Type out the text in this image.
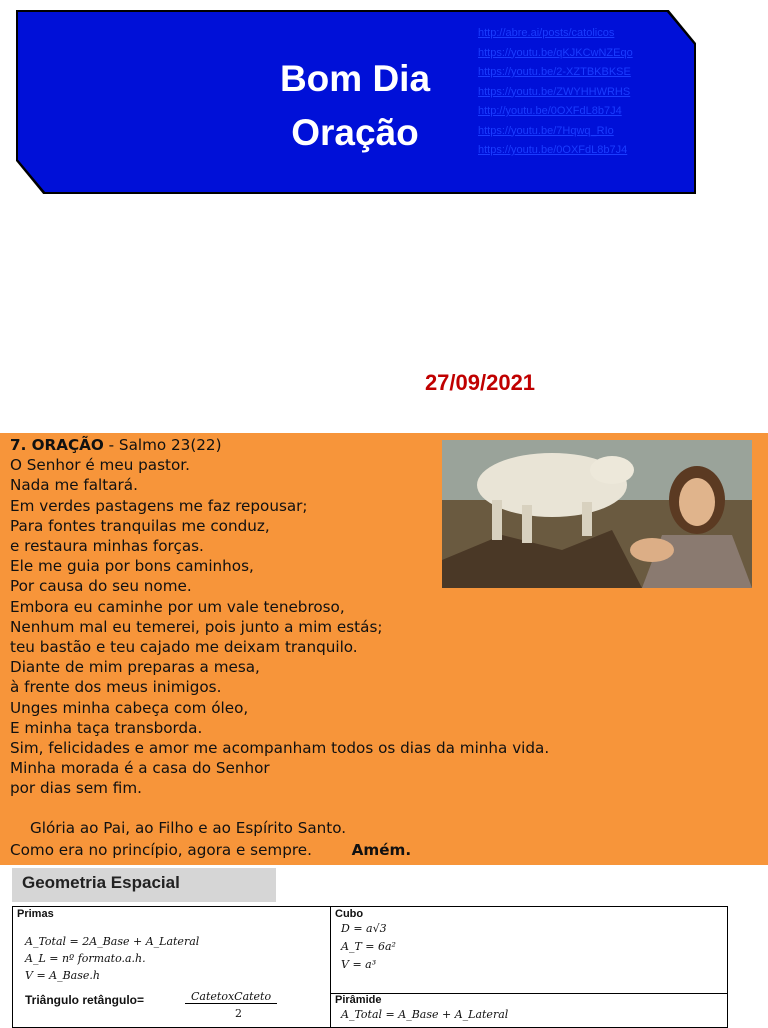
Bom Dia
Oração
http://abre.ai/posts/catolicos
https://youtu.be/qKJKCwNZEqo
https://youtu.be/2-XZTBKBKSE
https://youtu.be/ZWYHHWRHS
http://youtu.be/0OXFdL8b7J4
https://youtu.be/7Hqwq_RIo
https://youtu.be/0OXFdL8b7J4
27/09/2021
7. ORAÇÃO - Salmo 23(22)
O Senhor é meu pastor.
Nada me faltará.
Em verdes pastagens me faz repousar;
Para fontes tranquilas me conduz,
e restaura minhas forças.
Ele me guia por bons caminhos,
Por causa do seu nome.
Embora eu caminhe por um vale tenebroso,
Nenhum mal eu temerei, pois junto a mim estás;
teu bastão e teu cajado me deixam tranquilo.
Diante de mim preparas a mesa,
à frente dos meus inimigos.
Unges minha cabeça com óleo,
E minha taça transborda.
Sim, felicidades e amor me acompanham todos os dias da minha vida.
Minha morada é a casa do Senhor
por dias sem fim.
Glória ao Pai, ao Filho e ao Espírito Santo.
Como era no princípio, agora e sempre.	Amém.
Geometria Espacial
Primas
A_Total = 2A_Base + A_Lateral
A_L = nº formato.a.h.
V = A_Base.h
Triângulo retângulo=	CatetoxCateto
2
Cubo
D = a√3
A_T = 6a²
V = a³
Pirâmide
A_Total = A_Base + A_Lateral
